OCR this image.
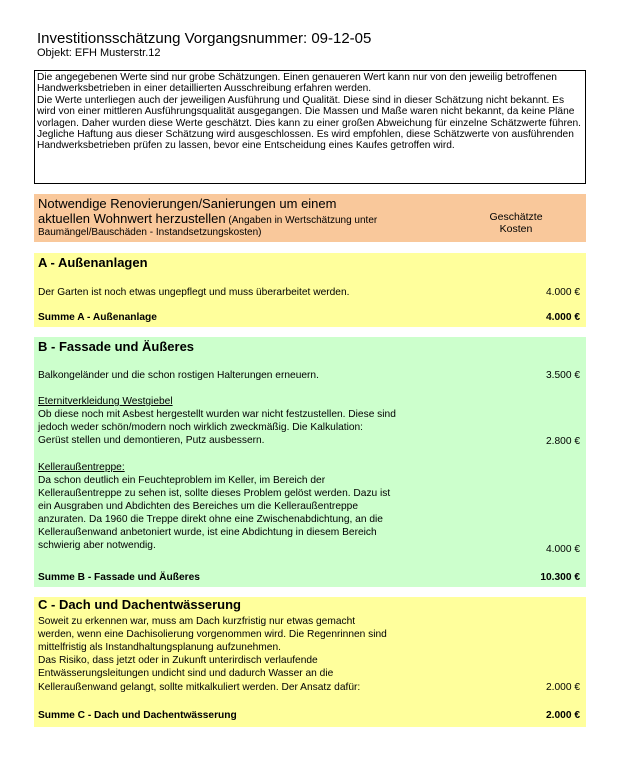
Investitionsschätzung Vorgangsnummer: 09-12-05
Objekt: EFH Musterstr.12

Die angegebenen Werte sind nur grobe Schätzungen. Einen genaueren Wert kann nur von den jeweilig betroffenen Handwerksbetrieben in einer detaillierten Ausschreibung erfahren werden.

Die Werte unterliegen auch der jeweiligen Ausführung und Qualität. Diese sind in dieser Schätzung nicht bekannt. Es wird von einer mittleren Ausführungsqualität ausgegangen. Die Massen und Maße waren nicht bekannt, da keine Pläne vorlagen. Daher wurden diese Werte geschätzt. Dies kann zu einer großen Abweichung für einzelne Schätzwerte führen. Jegliche Haftung aus dieser Schätzung wird ausgeschlossen. Es wird empfohlen, diese Schätzwerte von ausführenden Handwerksbetrieben prüfen zu lassen, bevor eine Entscheidung eines Kaufes getroffen wird.

Notwendige Renovierungen/Sanierungen um einem
aktuellen Wohnwert herzustellen (Angaben in Wertschätzung unter
Baumängel/Bauschäden - Instandsetzungskosten)
Geschätzte
Kosten
A - Außenanlagen
Der Garten ist noch etwas ungepflegt und muss überarbeitet werden.	4.000 €
Summe A - Außenanlage	4.000 €
B - Fassade und Äußeres
Balkongeländer und die schon rostigen Halterungen erneuern.	3.500 €
Eternitverkleidung Westgiebel
Ob diese noch mit Asbest hergestellt wurden war nicht festzustellen. Diese sind
jedoch weder schön/modern noch wirklich zweckmäßig. Die Kalkulation:
Gerüst stellen und demontieren, Putz ausbessern.	2.800 €
Kelleraußentreppe:
Da schon deutlich ein Feuchteproblem im Keller, im Bereich der
Kelleraußentreppe zu sehen ist, sollte dieses Problem gelöst werden. Dazu ist
ein Ausgraben und Abdichten des Bereiches um die Kelleraußentreppe
anzuraten. Da 1960 die Treppe direkt ohne eine Zwischenabdichtung, an die
Kelleraußenwand anbetoniert wurde, ist eine Abdichtung in diesem Bereich
schwierig aber notwendig.	4.000 €
Summe B - Fassade und Äußeres	10.300 €
C - Dach und Dachentwässerung
Soweit zu erkennen war, muss am Dach kurzfristig nur etwas gemacht
werden, wenn eine Dachisolierung vorgenommen wird. Die Regenrinnen sind
mittelfristig als Instandhaltungsplanung aufzunehmen.
Das Risiko, dass jetzt oder in Zukunft unterirdisch verlaufende
Entwässerungsleitungen undicht sind und dadurch Wasser an die
Kelleraußenwand gelangt, sollte mitkalkuliert werden. Der Ansatz dafür:	2.000 €
Summe C - Dach und Dachentwässerung	2.000 €
